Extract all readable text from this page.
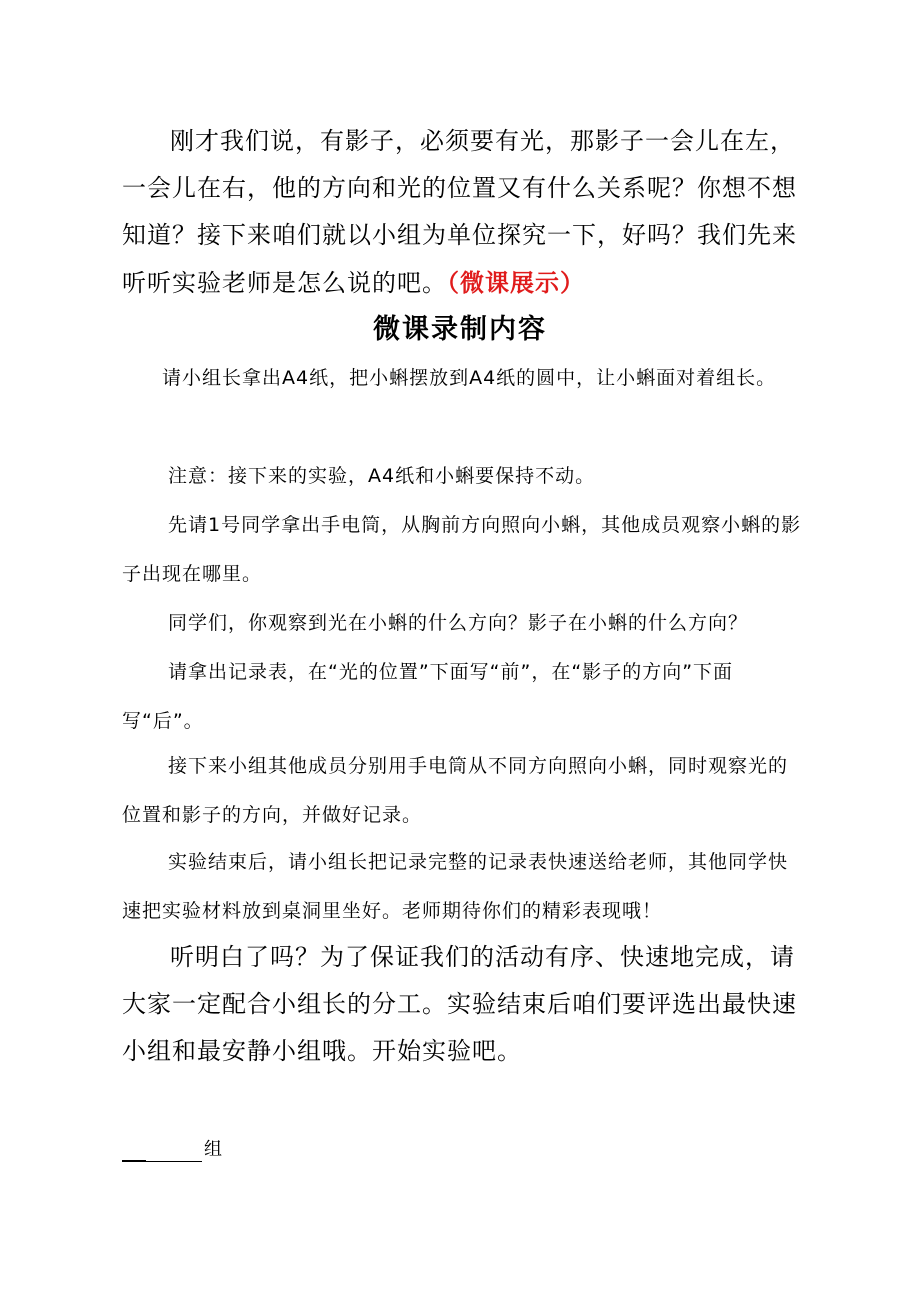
刚才我们说，有影子，必须要有光，那影子一会儿在左，一会儿在右，他的方向和光的位置又有什么关系呢？你想不想知道？接下来咱们就以小组为单位探究一下，好吗？我们先来听听实验老师是怎么说的吧。（微课展示）

微课录制内容

请小组长拿出A4纸，把小蝌摆放到A4纸的圆中，让小蝌面对着组长。

注意：接下来的实验，A4纸和小蝌要保持不动。

先请1号同学拿出手电筒，从胸前方向照向小蝌，其他成员观察小蝌的影子出现在哪里。

同学们，你观察到光在小蝌的什么方向？影子在小蝌的什么方向？

请拿出记录表，在“光的位置”下面写“前”，在“影子的方向”下面写“后”。

接下来小组其他成员分别用手电筒从不同方向照向小蝌，同时观察光的位置和影子的方向，并做好记录。

实验结束后，请小组长把记录完整的记录表快速送给老师，其他同学快速把实验材料放到桌洞里坐好。老师期待你们的精彩表现哦！

听明白了吗？为了保证我们的活动有序、快速地完成，请大家一定配合小组长的分工。实验结束后咱们要评选出最快速小组和最安静小组哦。开始实验吧。

组
